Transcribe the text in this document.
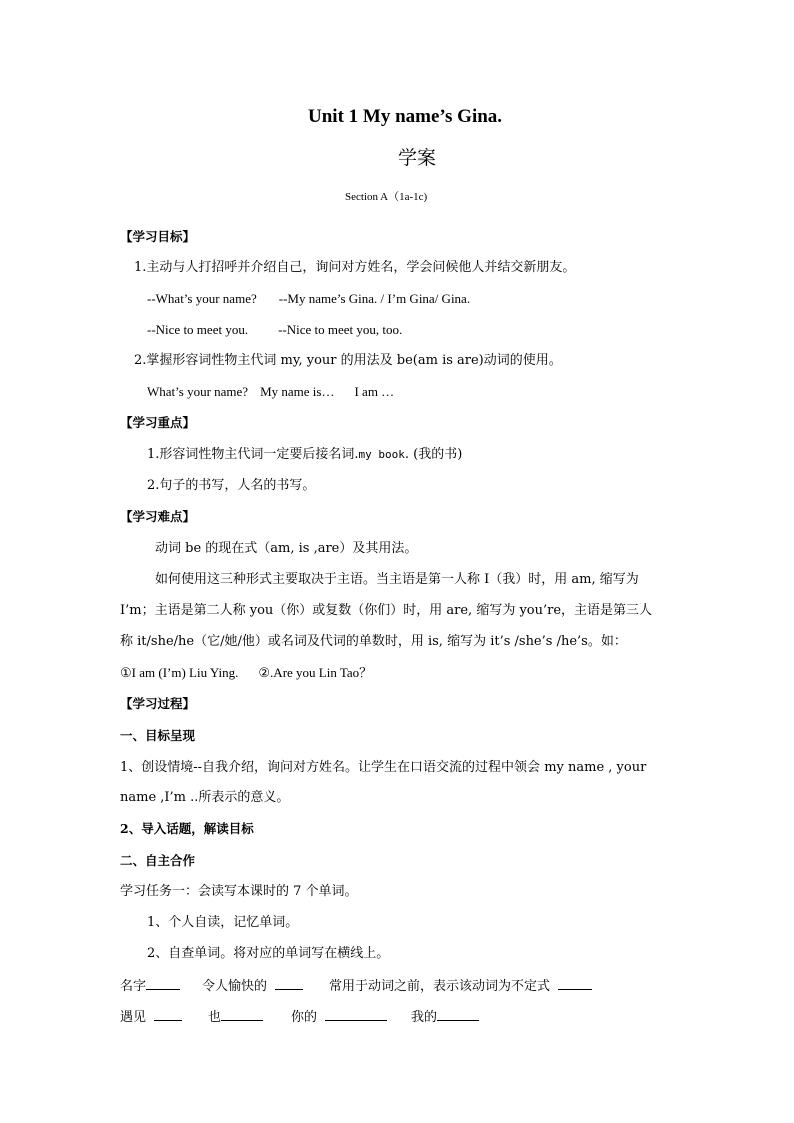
Unit 1 My name’s Gina.
学案
Section A（1a-1c)
【学习目标】
1.主动与人打招呼并介绍自己，询问对方姓名，学会问候他人并结交新朋友。
--What’s your name? --My name’s Gina. / I’m Gina/ Gina.
--Nice to meet you. --Nice to meet you, too.
2.掌握形容词性物主代词 my, your 的用法及 be(am is are)动词的使用。
What’s your name? My name is… I am …
【学习重点】
1.形容词性物主代词一定要后接名词.my book. (我的书)
2.句子的书写，人名的书写。
【学习难点】
动词 be 的现在式（am, is ,are）及其用法。
如何使用这三种形式主要取决于主语。当主语是第一人称 I（我）时，用 am, 缩写为
I’m；主语是第二人称 you（你）或复数（你们）时，用 are, 缩写为 you’re，主语是第三人
称 it/she/he（它/她/他）或名词及代词的单数时，用 is, 缩写为 it’s /she’s /he’s。如：
①I am (I’m) Liu Ying. ②.Are you Lin Tao？
【学习过程】
一、目标呈现
1、创设情境--自我介绍，询问对方姓名。让学生在口语交流的过程中领会 my name , your
name ,I’m ..所表示的意义。
2、导入话题，解读目标
二、自主合作
学习任务一：会读写本课时的 7 个单词。
1、个人自读，记忆单词。
2、自查单词。将对应的单词写在横线上。
名字	令人愉快的	常用于动词之前，表示该动词为不定式
遇见	也	你的	我的
